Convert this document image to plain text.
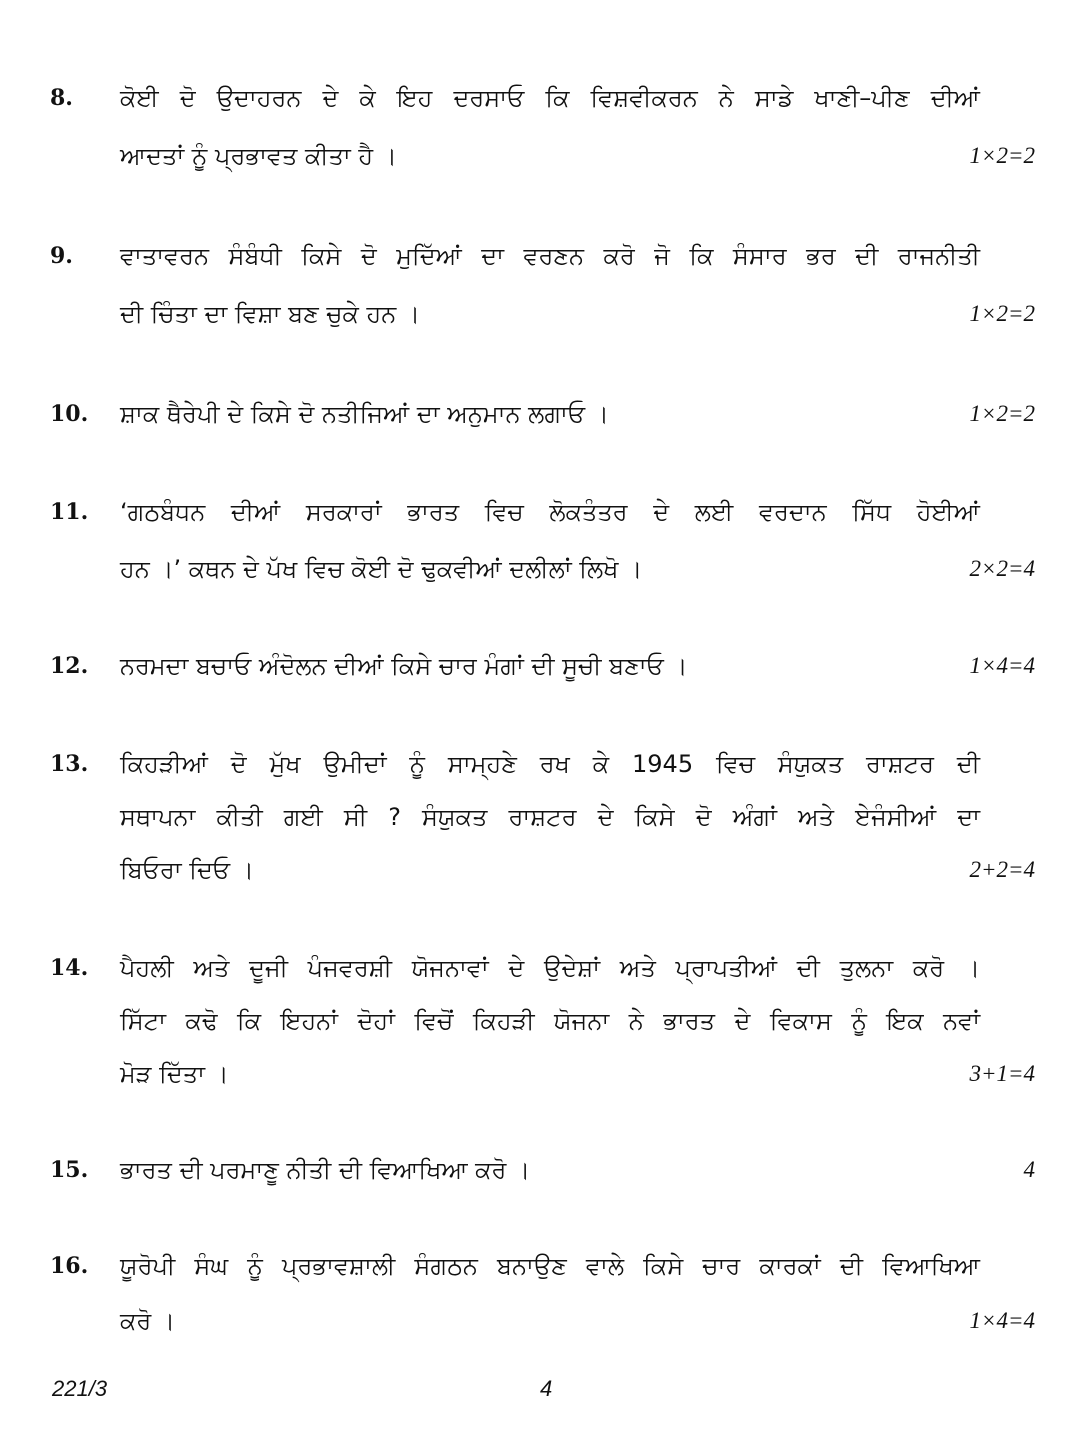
8.	ਕੋਈ ਦੋ ਉਦਾਹਰਨ ਦੇ ਕੇ ਇਹ ਦਰਸਾਓ ਕਿ ਵਿਸ਼ਵੀਕਰਨ ਨੇ ਸਾਡੇ ਖਾਣੀ–ਪੀਣ ਦੀਆਂ
ਆਦਤਾਂ ਨੂੰ ਪ੍ਰਭਾਵਤ ਕੀਤਾ ਹੈ ।	1×2=2
9.	ਵਾਤਾਵਰਨ ਸੰਬੰਧੀ ਕਿਸੇ ਦੋ ਮੁਦਿੱਆਂ ਦਾ ਵਰਣਨ ਕਰੋ ਜੋ ਕਿ ਸੰਸਾਰ ਭਰ ਦੀ ਰਾਜਨੀਤੀ
ਦੀ ਚਿੰਤਾ ਦਾ ਵਿਸ਼ਾ ਬਣ ਚੁਕੇ ਹਨ ।	1×2=2
10.	ਸ਼ਾਕ ਥੈਰੇਪੀ ਦੇ ਕਿਸੇ ਦੋ ਨਤੀਜਿਆਂ ਦਾ ਅਨੁਮਾਨ ਲਗਾਓ ।	1×2=2
11.	‘ਗਠਬੰਧਨ ਦੀਆਂ ਸਰਕਾਰਾਂ ਭਾਰਤ ਵਿਚ ਲੋਕਤੰਤਰ ਦੇ ਲਈ ਵਰਦਾਨ ਸਿੱਧ ਹੋਈਆਂ
ਹਨ ।’ ਕਥਨ ਦੇ ਪੱਖ ਵਿਚ ਕੋਈ ਦੋ ਢੁਕਵੀਆਂ ਦਲੀਲਾਂ ਲਿਖੋ ।	2×2=4
12.	ਨਰਮਦਾ ਬਚਾਓ ਅੰਦੋਲਨ ਦੀਆਂ ਕਿਸੇ ਚਾਰ ਮੰਗਾਂ ਦੀ ਸੂਚੀ ਬਣਾਓ ।	1×4=4
13.	ਕਿਹੜੀਆਂ ਦੋ ਮੁੱਖ ਉਮੀਦਾਂ ਨੂੰ ਸਾਮ੍ਹਣੇ ਰਖ ਕੇ 1945 ਵਿਚ ਸੰਯੁਕਤ ਰਾਸ਼ਟਰ ਦੀ
ਸਥਾਪਨਾ ਕੀਤੀ ਗਈ ਸੀ ? ਸੰਯੁਕਤ ਰਾਸ਼ਟਰ ਦੇ ਕਿਸੇ ਦੋ ਅੰਗਾਂ ਅਤੇ ਏਜੰਸੀਆਂ ਦਾ
ਬਿਓਰਾ ਦਿਓ ।	2+2=4
14.	ਪੈਹਲੀ ਅਤੇ ਦੂਜੀ ਪੰਜਵਰਸ਼ੀ ਯੋਜਨਾਵਾਂ ਦੇ ਉਦੇਸ਼ਾਂ ਅਤੇ ਪ੍ਰਾਪਤੀਆਂ ਦੀ ਤੁਲਨਾ ਕਰੋ ।
ਸਿੱਟਾ ਕਢੋ ਕਿ ਇਹਨਾਂ ਦੋਹਾਂ ਵਿਚੋਂ ਕਿਹੜੀ ਯੋਜਨਾ ਨੇ ਭਾਰਤ ਦੇ ਵਿਕਾਸ ਨੂੰ ਇਕ ਨਵਾਂ
ਮੋੜ ਦਿੱਤਾ ।	3+1=4
15.	ਭਾਰਤ ਦੀ ਪਰਮਾਣੂ ਨੀਤੀ ਦੀ ਵਿਆਖਿਆ ਕਰੋ ।	4
16.	ਯੂਰੋਪੀ ਸੰਘ ਨੂੰ ਪ੍ਰਭਾਵਸ਼ਾਲੀ ਸੰਗਠਨ ਬਨਾਉਣ ਵਾਲੇ ਕਿਸੇ ਚਾਰ ਕਾਰਕਾਂ ਦੀ ਵਿਆਖਿਆ
ਕਰੋ ।	1×4=4
221/3	4
